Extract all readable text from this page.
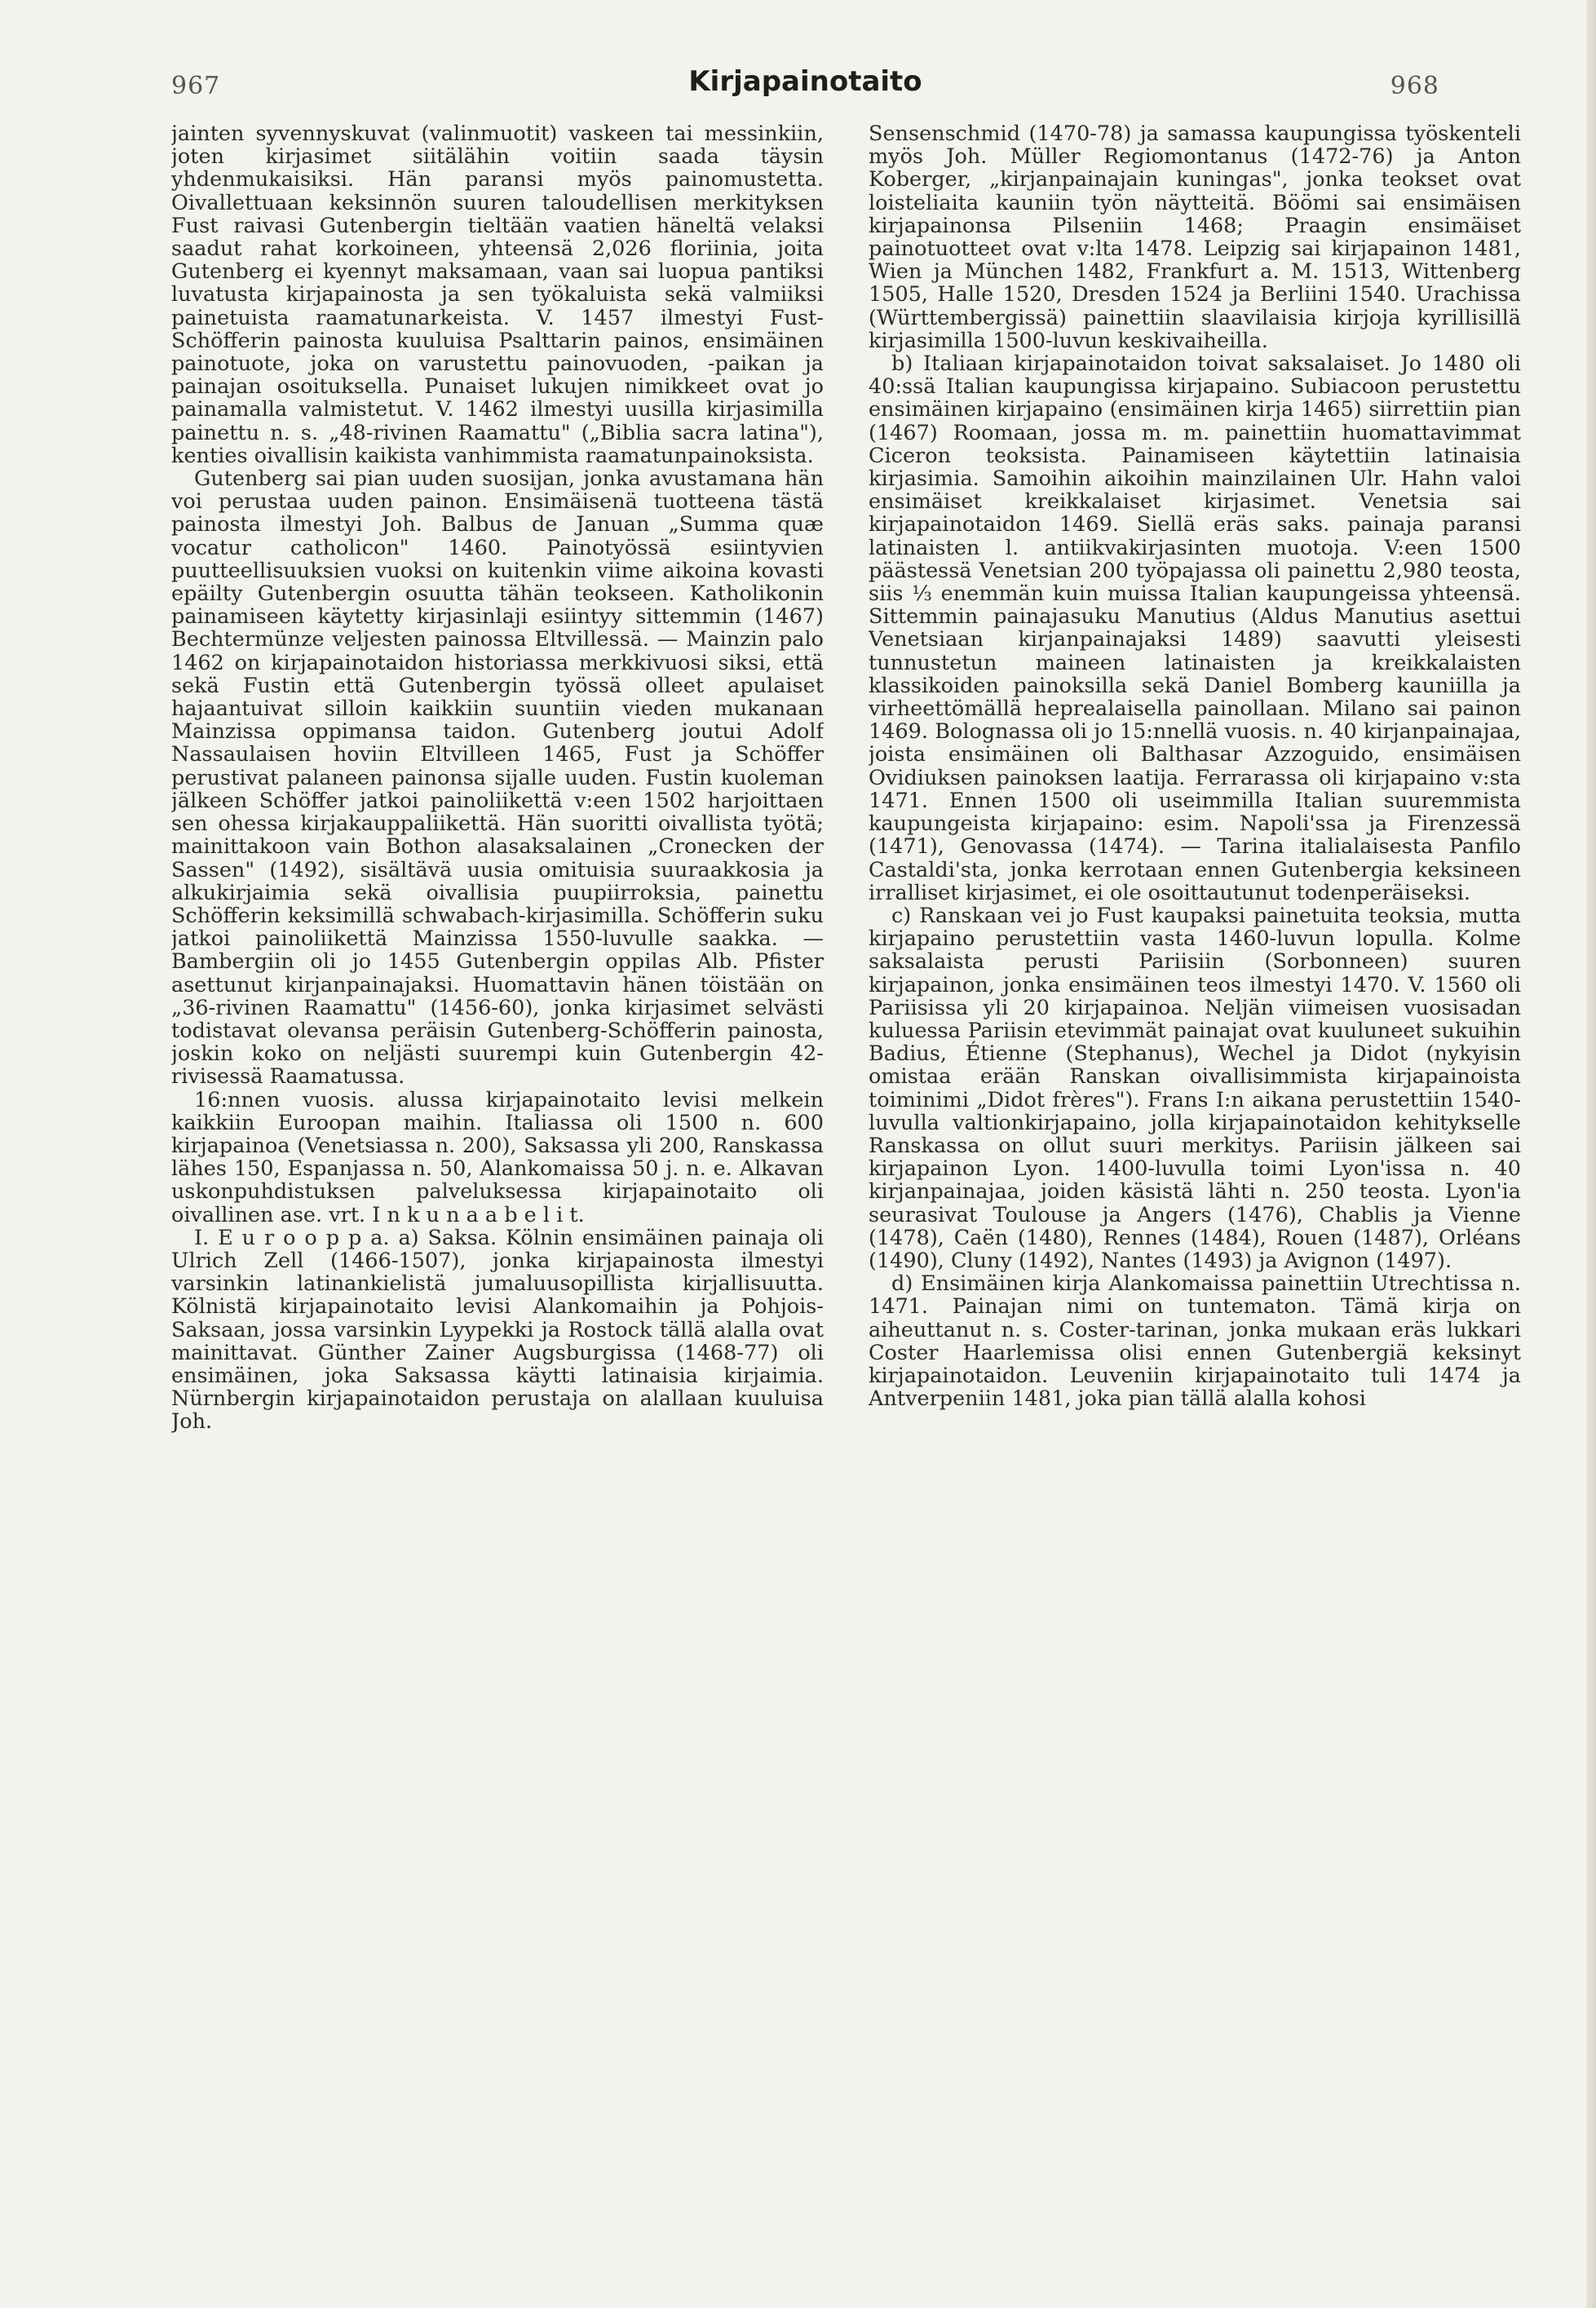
967	Kirjapainotaito	968

jainten syvennyskuvat (valinmuotit) vaskeen tai messinkiin, joten kirjasimet siitälähin voitiin saada täysin yhdenmukaisiksi. Hän paransi myös painomustetta. Oivallettuaan keksinnön suuren taloudellisen merkityksen Fust raivasi Gutenbergin tieltään vaatien häneltä velaksi saadut rahat korkoineen, yhteensä 2,026 floriinia, joita Gutenberg ei kyennyt maksamaan, vaan sai luopua pantiksi luvatusta kirjapainosta ja sen työkaluista sekä valmiiksi painetuista raamatunarkeista. V. 1457 ilmestyi Fust-Schöfferin painosta kuuluisa Psalttarin painos, ensimäinen painotuote, joka on varustettu painovuoden, -paikan ja painajan osoituksella. Punaiset lukujen nimikkeet ovat jo painamalla valmistetut. V. 1462 ilmestyi uusilla kirjasimilla painettu n. s. „48-rivinen Raamattu" („Biblia sacra latina"), kenties oivallisin kaikista vanhimmista raamatunpainoksista.

Gutenberg sai pian uuden suosijan, jonka avustamana hän voi perustaa uuden painon. Ensimäisenä tuotteena tästä painosta ilmestyi Joh. Balbus de Januan „Summa quæ vocatur catholicon" 1460. Painotyössä esiintyvien puutteellisuuksien vuoksi on kuitenkin viime aikoina kovasti epäilty Gutenbergin osuutta tähän teokseen. Katholikonin painamiseen käytetty kirjasinlaji esiintyy sittemmin (1467) Bechtermünze veljesten painossa Eltvillessä. — Mainzin palo 1462 on kirjapainotaidon historiassa merkkivuosi siksi, että sekä Fustin että Gutenbergin työssä olleet apulaiset hajaantuivat silloin kaikkiin suuntiin vieden mukanaan Mainzissa oppimansa taidon. Gutenberg joutui Adolf Nassaulaisen hoviin Eltvilleen 1465, Fust ja Schöffer perustivat palaneen painonsa sijalle uuden. Fustin kuoleman jälkeen Schöffer jatkoi painoliikettä v:een 1502 harjoittaen sen ohessa kirjakauppaliikettä. Hän suoritti oivallista työtä; mainittakoon vain Bothon alasaksalainen „Cronecken der Sassen" (1492), sisältävä uusia omituisia suuraakkosia ja alkukirjaimia sekä oivallisia puupiirroksia, painettu Schöfferin keksimillä schwabach-kirjasimilla. Schöfferin suku jatkoi painoliikettä Mainzissa 1550-luvulle saakka. — Bambergiin oli jo 1455 Gutenbergin oppilas Alb. Pfister asettunut kirjanpainajaksi. Huomattavin hänen töistään on „36-rivinen Raamattu" (1456-60), jonka kirjasimet selvästi todistavat olevansa peräisin Gutenberg-Schöfferin painosta, joskin koko on neljästi suurempi kuin Gutenbergin 42-rivisessä Raamatussa.

16:nnen vuosis. alussa kirjapainotaito levisi melkein kaikkiin Euroopan maihin. Italiassa oli 1500 n. 600 kirjapainoa (Venetsiassa n. 200), Saksassa yli 200, Ranskassa lähes 150, Espanjassa n. 50, Alankomaissa 50 j. n. e. Alkavan uskonpuhdistuksen palveluksessa kirjapainotaito oli oivallinen ase. vrt. I n k u n a a b e l i t.

I. E u r o o p p a. a) Saksa. Kölnin ensimäinen painaja oli Ulrich Zell (1466-1507), jonka kirjapainosta ilmestyi varsinkin latinankielistä jumaluusopillista kirjallisuutta. Kölnistä kirjapainotaito levisi Alankomaihin ja Pohjois-Saksaan, jossa varsinkin Lyypekki ja Rostock tällä alalla ovat mainittavat. Günther Zainer Augsburgissa (1468-77) oli ensimäinen, joka Saksassa käytti latinaisia kirjaimia. Nürnbergin kirjapainotaidon perustaja on alallaan kuuluisa Joh.

Sensenschmid (1470-78) ja samassa kaupungissa työskenteli myös Joh. Müller Regiomontanus (1472-76) ja Anton Koberger, „kirjanpainajain kuningas", jonka teokset ovat loisteliaita kauniin työn näytteitä. Böömi sai ensimäisen kirjapainonsa Pilseniin 1468; Praagin ensimäiset painotuotteet ovat v:lta 1478. Leipzig sai kirjapainon 1481, Wien ja München 1482, Frankfurt a. M. 1513, Wittenberg 1505, Halle 1520, Dresden 1524 ja Berliini 1540. Urachissa (Württembergissä) painettiin slaavilaisia kirjoja kyrillisillä kirjasimilla 1500-luvun keskivaiheilla.

b) Italiaan kirjapainotaidon toivat saksalaiset. Jo 1480 oli 40:ssä Italian kaupungissa kirjapaino. Subiacoon perustettu ensimäinen kirjapaino (ensimäinen kirja 1465) siirrettiin pian (1467) Roomaan, jossa m. m. painettiin huomattavimmat Ciceron teoksista. Painamiseen käytettiin latinaisia kirjasimia. Samoihin aikoihin mainzilainen Ulr. Hahn valoi ensimäiset kreikkalaiset kirjasimet. Venetsia sai kirjapainotaidon 1469. Siellä eräs saks. painaja paransi latinaisten l. antiikvakirjasinten muotoja. V:een 1500 päästessä Venetsian 200 työpajassa oli painettu 2,980 teosta, siis ⅓ enemmän kuin muissa Italian kaupungeissa yhteensä. Sittemmin painajasuku Manutius (Aldus Manutius asettui Venetsiaan kirjanpainajaksi 1489) saavutti yleisesti tunnustetun maineen latinaisten ja kreikkalaisten klassikoiden painoksilla sekä Daniel Bomberg kauniilla ja virheettömällä heprealaisella painollaan. Milano sai painon 1469. Bolognassa oli jo 15:nnellä vuosis. n. 40 kirjanpainajaa, joista ensimäinen oli Balthasar Azzoguido, ensimäisen Ovidiuksen painoksen laatija. Ferrarassa oli kirjapaino v:sta 1471. Ennen 1500 oli useimmilla Italian suuremmista kaupungeista kirjapaino: esim. Napoli'ssa ja Firenzessä (1471), Genovassa (1474). — Tarina italialaisesta Panfilo Castaldi'sta, jonka kerrotaan ennen Gutenbergia keksineen irralliset kirjasimet, ei ole osoittautunut todenperäiseksi.

c) Ranskaan vei jo Fust kaupaksi painetuita teoksia, mutta kirjapaino perustettiin vasta 1460-luvun lopulla. Kolme saksalaista perusti Pariisiin (Sorbonneen) suuren kirjapainon, jonka ensimäinen teos ilmestyi 1470. V. 1560 oli Pariisissa yli 20 kirjapainoa. Neljän viimeisen vuosisadan kuluessa Pariisin etevimmät painajat ovat kuuluneet sukuihin Badius, Étienne (Stephanus), Wechel ja Didot (nykyisin omistaa erään Ranskan oivallisimmista kirjapainoista toiminimi „Didot frères"). Frans I:n aikana perustettiin 1540-luvulla valtionkirjapaino, jolla kirjapainotaidon kehitykselle Ranskassa on ollut suuri merkitys. Pariisin jälkeen sai kirjapainon Lyon. 1400-luvulla toimi Lyon'issa n. 40 kirjanpainajaa, joiden käsistä lähti n. 250 teosta. Lyon'ia seurasivat Toulouse ja Angers (1476), Chablis ja Vienne (1478), Caën (1480), Rennes (1484), Rouen (1487), Orléans (1490), Cluny (1492), Nantes (1493) ja Avignon (1497).

d) Ensimäinen kirja Alankomaissa painettiin Utrechtissa n. 1471. Painajan nimi on tuntematon. Tämä kirja on aiheuttanut n. s. Coster-tarinan, jonka mukaan eräs lukkari Coster Haarlemissa olisi ennen Gutenbergiä keksinyt kirjapainotaidon. Leuveniin kirjapainotaito tuli 1474 ja Antverpeniin 1481, joka pian tällä alalla kohosi
